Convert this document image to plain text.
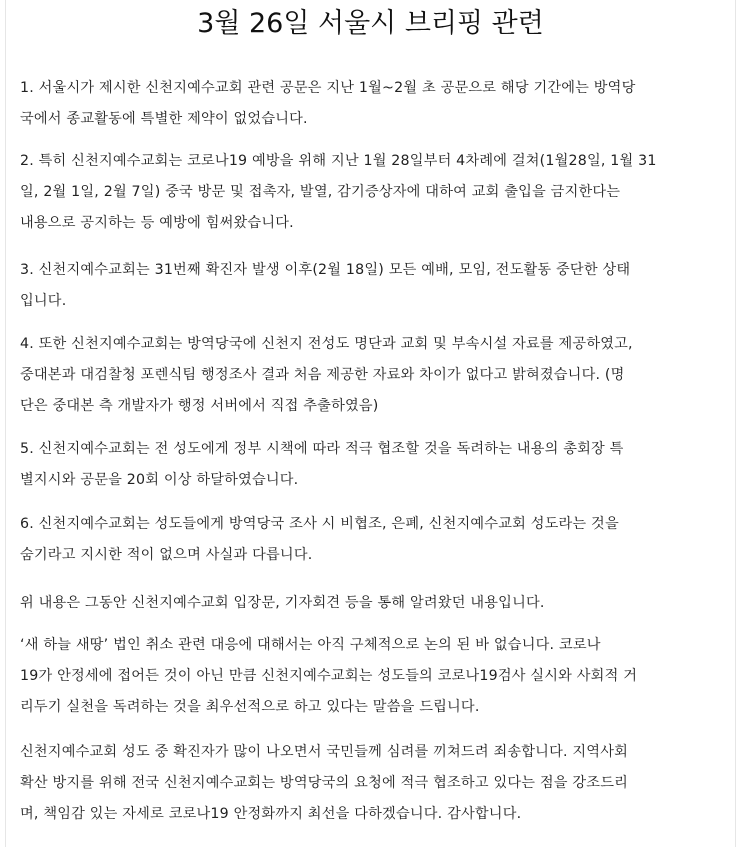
3월 26일 서울시 브리핑 관련

1. 서울시가 제시한 신천지예수교회 관련 공문은 지난 1월~2월 초 공문으로 해당 기간에는 방역당
국에서 종교활동에 특별한 제약이 없었습니다.

2. 특히 신천지예수교회는 코로나19 예방을 위해 지난 1월 28일부터 4차례에 걸쳐(1월28일, 1월 31
일, 2월 1일, 2월 7일) 중국 방문 및 접촉자, 발열, 감기증상자에 대하여 교회 출입을 금지한다는
내용으로 공지하는 등 예방에 힘써왔습니다.

3. 신천지예수교회는 31번째 확진자 발생 이후(2월 18일) 모든 예배, 모임, 전도활동 중단한 상태
입니다.

4. 또한 신천지예수교회는 방역당국에 신천지 전성도 명단과 교회 및 부속시설 자료를 제공하였고,
중대본과 대검찰청 포렌식팀 행정조사 결과 처음 제공한 자료와 차이가 없다고 밝혀졌습니다. (명
단은 중대본 측 개발자가 행정 서버에서 직접 추출하였음)

5. 신천지예수교회는 전 성도에게 정부 시책에 따라 적극 협조할 것을 독려하는 내용의 총회장 특
별지시와 공문을 20회 이상 하달하였습니다.

6. 신천지예수교회는 성도들에게 방역당국 조사 시 비협조, 은폐, 신천지예수교회 성도라는 것을
숨기라고 지시한 적이 없으며 사실과 다릅니다.

위 내용은 그동안 신천지예수교회 입장문, 기자회견 등을 통해 알려왔던 내용입니다.

‘새 하늘 새땅’ 법인 취소 관련 대응에 대해서는 아직 구체적으로 논의 된 바 없습니다. 코로나
19가 안정세에 접어든 것이 아닌 만큼 신천지예수교회는 성도들의 코로나19검사 실시와 사회적 거
리두기 실천을 독려하는 것을 최우선적으로 하고 있다는 말씀을 드립니다.

신천지예수교회 성도 중 확진자가 많이 나오면서 국민들께 심려를 끼쳐드려 죄송합니다. 지역사회
확산 방지를 위해 전국 신천지예수교회는 방역당국의 요청에 적극 협조하고 있다는 점을 강조드리
며, 책임감 있는 자세로 코로나19 안정화까지 최선을 다하겠습니다. 감사합니다.
